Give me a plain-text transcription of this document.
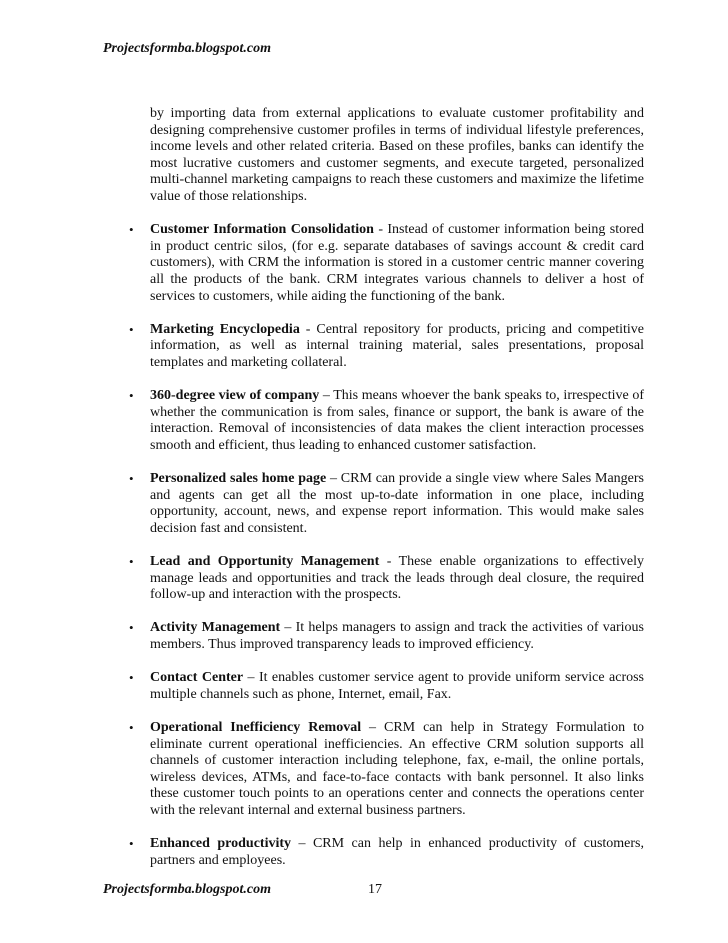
Projectsformba.blogspot.com

by importing data from external applications to evaluate customer profitability and designing comprehensive customer profiles in terms of individual lifestyle preferences, income levels and other related criteria. Based on these profiles, banks can identify the most lucrative customers and customer segments, and execute targeted, personalized multi-channel marketing campaigns to reach these customers and maximize the lifetime value of those relationships.

• Customer Information Consolidation - Instead of customer information being stored in product centric silos, (for e.g. separate databases of savings account & credit card customers), with CRM the information is stored in a customer centric manner covering all the products of the bank. CRM integrates various channels to deliver a host of services to customers, while aiding the functioning of the bank.

• Marketing Encyclopedia - Central repository for products, pricing and competitive information, as well as internal training material, sales presentations, proposal templates and marketing collateral.

• 360-degree view of company – This means whoever the bank speaks to, irrespective of whether the communication is from sales, finance or support, the bank is aware of the interaction. Removal of inconsistencies of data makes the client interaction processes smooth and efficient, thus leading to enhanced customer satisfaction.

• Personalized sales home page – CRM can provide a single view where Sales Mangers and agents can get all the most up-to-date information in one place, including opportunity, account, news, and expense report information. This would make sales decision fast and consistent.

• Lead and Opportunity Management - These enable organizations to effectively manage leads and opportunities and track the leads through deal closure, the required follow-up and interaction with the prospects.

• Activity Management – It helps managers to assign and track the activities of various members. Thus improved transparency leads to improved efficiency.

• Contact Center – It enables customer service agent to provide uniform service across multiple channels such as phone, Internet, email, Fax.

• Operational Inefficiency Removal – CRM can help in Strategy Formulation to eliminate current operational inefficiencies. An effective CRM solution supports all channels of customer interaction including telephone, fax, e-mail, the online portals, wireless devices, ATMs, and face-to-face contacts with bank personnel. It also links these customer touch points to an operations center and connects the operations center with the relevant internal and external business partners.

• Enhanced productivity – CRM can help in enhanced productivity of customers, partners and employees.

Projectsformba.blogspot.com	17
